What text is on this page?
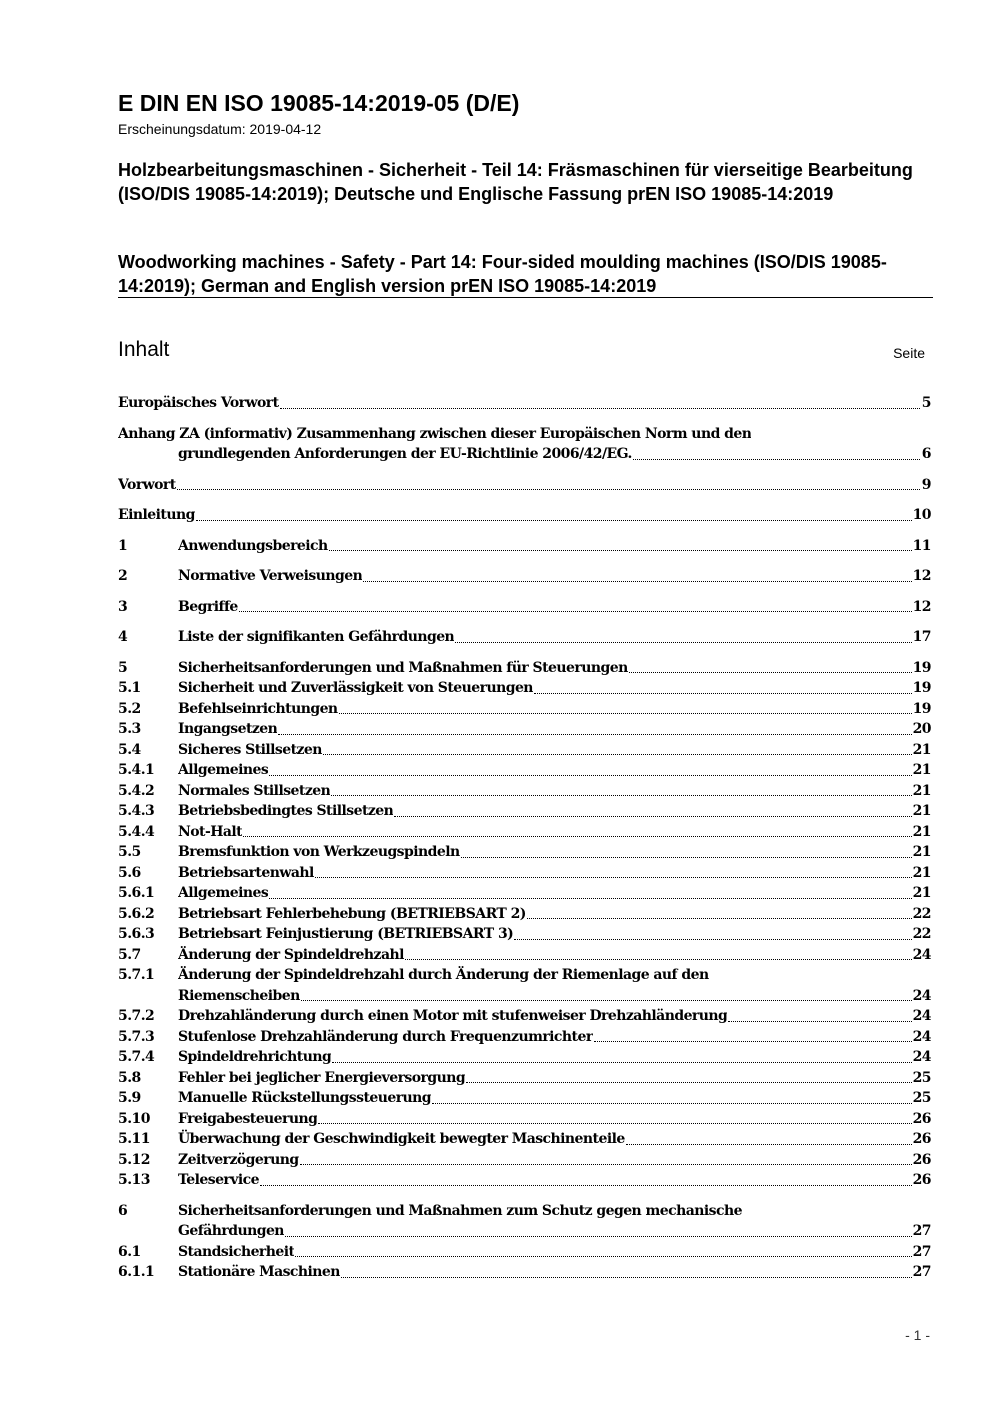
E DIN EN ISO 19085-14:2019-05 (D/E)
Erscheinungsdatum: 2019-04-12
Holzbearbeitungsmaschinen - Sicherheit - Teil 14: Fräsmaschinen für vierseitige Bearbeitung (ISO/DIS 19085-14:2019); Deutsche und Englische Fassung prEN ISO 19085-14:2019
Woodworking machines - Safety - Part 14: Four-sided moulding machines (ISO/DIS 19085-14:2019); German and English version prEN ISO 19085-14:2019
Inhalt	Seite
Europäisches Vorwort	5
Anhang ZA (informativ) Zusammenhang zwischen dieser Europäischen Norm und den
grundlegenden Anforderungen der EU-Richtlinie 2006/42/EG.	6
Vorwort	9
Einleitung	10
1	Anwendungsbereich	11
2	Normative Verweisungen	12
3	Begriffe	12
4	Liste der signifikanten Gefährdungen	17
5	Sicherheitsanforderungen und Maßnahmen für Steuerungen	19
5.1	Sicherheit und Zuverlässigkeit von Steuerungen	19
5.2	Befehlseinrichtungen	19
5.3	Ingangsetzen	20
5.4	Sicheres Stillsetzen	21
5.4.1	Allgemeines	21
5.4.2	Normales Stillsetzen	21
5.4.3	Betriebsbedingtes Stillsetzen	21
5.4.4	Not-Halt	21
5.5	Bremsfunktion von Werkzeugspindeln	21
5.6	Betriebsartenwahl	21
5.6.1	Allgemeines	21
5.6.2	Betriebsart Fehlerbehebung (BETRIEBSART 2)	22
5.6.3	Betriebsart Feinjustierung (BETRIEBSART 3)	22
5.7	Änderung der Spindeldrehzahl	24
5.7.1	Änderung der Spindeldrehzahl durch Änderung der Riemenlage auf den
Riemenscheiben	24
5.7.2	Drehzahländerung durch einen Motor mit stufenweiser Drehzahländerung	24
5.7.3	Stufenlose Drehzahländerung durch Frequenzumrichter	24
5.7.4	Spindeldrehrichtung	24
5.8	Fehler bei jeglicher Energieversorgung	25
5.9	Manuelle Rückstellungssteuerung	25
5.10	Freigabesteuerung	26
5.11	Überwachung der Geschwindigkeit bewegter Maschinenteile	26
5.12	Zeitverzögerung	26
5.13	Teleservice	26
6	Sicherheitsanforderungen und Maßnahmen zum Schutz gegen mechanische
Gefährdungen	27
6.1	Standsicherheit	27
6.1.1	Stationäre Maschinen	27
- 1 -
